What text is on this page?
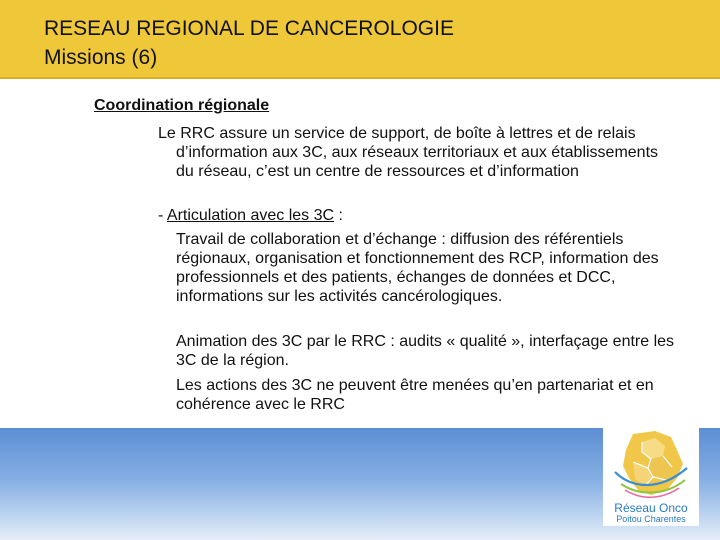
RESEAU REGIONAL DE CANCEROLOGIE
Missions (6)
Coordination régionale

Le RRC assure un service de support, de boîte à lettres et de relais d’information aux 3C, aux réseaux territoriaux et aux établissements du réseau, c’est un centre de ressources et d’information

- Articulation avec les 3C :

Travail de collaboration et d’échange : diffusion des référentiels régionaux, organisation et fonctionnement des RCP, information des professionnels et des patients, échanges de données et DCC, informations sur les activités cancérologiques.

Animation des 3C par le RRC : audits « qualité », interfaçage entre les 3C de la région.

Les actions des 3C ne peuvent être menées qu’en partenariat et en cohérence avec le RRC

Réseau Onco
Poitou Charentes
